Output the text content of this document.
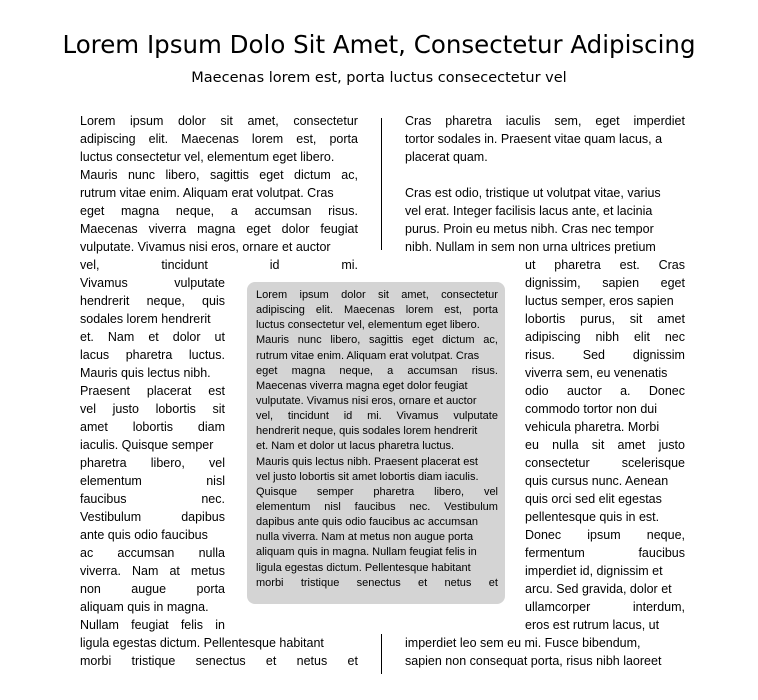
Lorem Ipsum Dolo Sit Amet, Consectetur Adipiscing
Maecenas lorem est, porta luctus consecectetur vel
Lorem ipsum dolor sit amet, consectetur
adipiscing elit. Maecenas lorem est, porta
luctus consectetur vel, elementum eget libero.
Mauris nunc libero, sagittis eget dictum ac,
rutrum vitae enim. Aliquam erat volutpat. Cras
eget magna neque, a accumsan risus.
Maecenas viverra magna eget dolor feugiat
vulputate. Vivamus nisi eros, ornare et auctor
vel,	tincidunt	id	mi.
Vivamus	vulputate
hendrerit neque, quis
sodales lorem hendrerit
et. Nam et dolor ut
lacus pharetra luctus.
Mauris quis lectus nibh.
Praesent placerat est
vel justo lobortis sit
amet lobortis diam
iaculis. Quisque semper
pharetra libero, vel
elementum	nisl
faucibus	nec.
Vestibulum	dapibus
ante quis odio faucibus
ac accumsan nulla
viverra. Nam at metus
non augue porta
aliquam quis in magna.
Nullam feugiat felis in
ligula egestas dictum. Pellentesque habitant
morbi tristique senectus et netus et
Cras pharetra iaculis sem, eget imperdiet
tortor sodales in. Praesent vitae quam lacus, a
placerat quam.
Cras est odio, tristique ut volutpat vitae, varius
vel erat. Integer facilisis lacus ante, et lacinia
purus. Proin eu metus nibh. Cras nec tempor
nibh. Nullam in sem non urna ultrices pretium
ut pharetra est. Cras
dignissim, sapien eget
luctus semper, eros sapien
lobortis purus, sit amet
adipiscing nibh elit nec
risus. Sed dignissim
viverra sem, eu venenatis
odio auctor a. Donec
commodo tortor non dui
vehicula pharetra. Morbi
eu nulla sit amet justo
consectetur	scelerisque
quis cursus nunc. Aenean
quis orci sed elit egestas
pellentesque quis in est.
Donec ipsum neque,
fermentum	faucibus
imperdiet id, dignissim et
arcu. Sed gravida, dolor et
ullamcorper	interdum,
eros est rutrum lacus, ut
imperdiet leo sem eu mi. Fusce bibendum,
sapien non consequat porta, risus nibh laoreet
Lorem ipsum dolor sit amet, consectetur
adipiscing elit. Maecenas lorem est, porta
luctus consectetur vel, elementum eget libero.
Mauris nunc libero, sagittis eget dictum ac,
rutrum vitae enim. Aliquam erat volutpat. Cras
eget magna neque, a accumsan risus.
Maecenas viverra magna eget dolor feugiat
vulputate. Vivamus nisi eros, ornare et auctor
vel, tincidunt id mi. Vivamus vulputate
hendrerit neque, quis sodales lorem hendrerit
et. Nam et dolor ut lacus pharetra luctus.
Mauris quis lectus nibh. Praesent placerat est
vel justo lobortis sit amet lobortis diam iaculis.
Quisque semper pharetra libero, vel
elementum nisl faucibus nec. Vestibulum
dapibus ante quis odio faucibus ac accumsan
nulla viverra. Nam at metus non augue porta
aliquam quis in magna. Nullam feugiat felis in
ligula egestas dictum. Pellentesque habitant
morbi tristique senectus et netus et
